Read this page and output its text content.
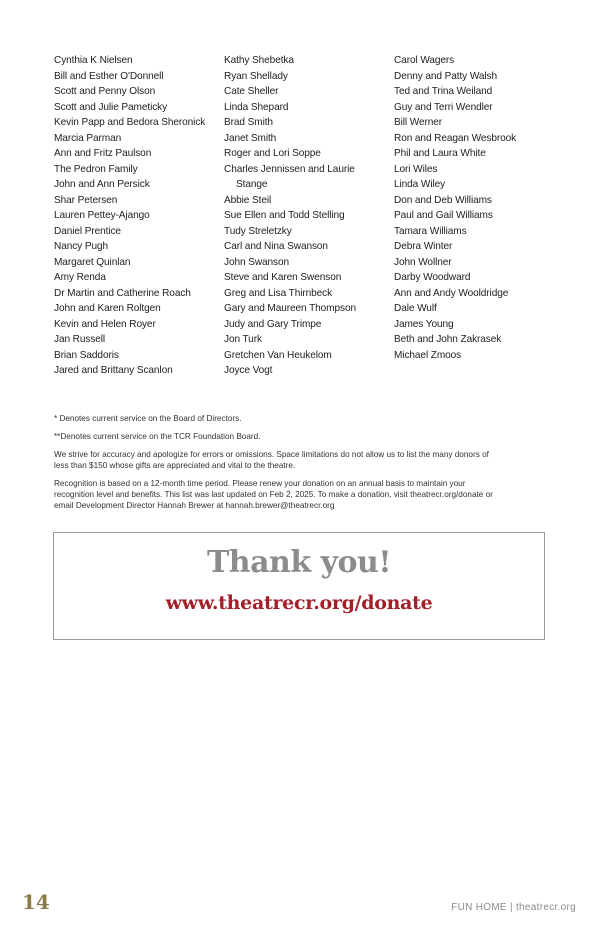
Cynthia K Nielsen
Bill and Esther O'Donnell
Scott and Penny Olson
Scott and Julie Pameticky
Kevin Papp and Bedora Sheronick
Marcia Parman
Ann and Fritz Paulson
The Pedron Family
John and Ann Persick
Shar Petersen
Lauren Pettey-Ajango
Daniel Prentice
Nancy Pugh
Margaret Quinlan
Amy Renda
Dr Martin and Catherine Roach
John and Karen Roltgen
Kevin and Helen Royer
Jan Russell
Brian Saddoris
Jared and Brittany Scanlon
Kathy Shebetka
Ryan Shellady
Cate Sheller
Linda Shepard
Brad Smith
Janet Smith
Roger and Lori Soppe
Charles Jennissen and Laurie Stange
Abbie Steil
Sue Ellen and Todd Stelling
Tudy Streletzky
Carl and Nina Swanson
John Swanson
Steve and Karen Swenson
Greg and Lisa Thirnbeck
Gary and Maureen Thompson
Judy and Gary Trimpe
Jon Turk
Gretchen Van Heukelom
Joyce Vogt
Carol Wagers
Denny and Patty Walsh
Ted and Trina Weiland
Guy and Terri Wendler
Bill Werner
Ron and Reagan Wesbrook
Phil and Laura White
Lori Wiles
Linda Wiley
Don and Deb Williams
Paul and Gail Williams
Tamara Williams
Debra Winter
John Wollner
Darby Woodward
Ann and Andy Wooldridge
Dale Wulf
James Young
Beth and John Zakrasek
Michael Zmoos

* Denotes current service on the Board of Directors.

**Denotes current service on the TCR Foundation Board.

We strive for accuracy and apologize for errors or omissions. Space limitations do not allow us to list the many donors of less than $150 whose gifts are appreciated and vital to the theatre.

Recognition is based on a 12-month time period. Please renew your donation on an annual basis to maintain your recognition level and benefits. This list was last updated on Feb 2, 2025. To make a donation, visit theatrecr.org/donate or email Development Director Hannah Brewer at hannah.brewer@theatrecr.org

Thank you!
www.theatrecr.org/donate
14	FUN HOME | theatrecr.org
